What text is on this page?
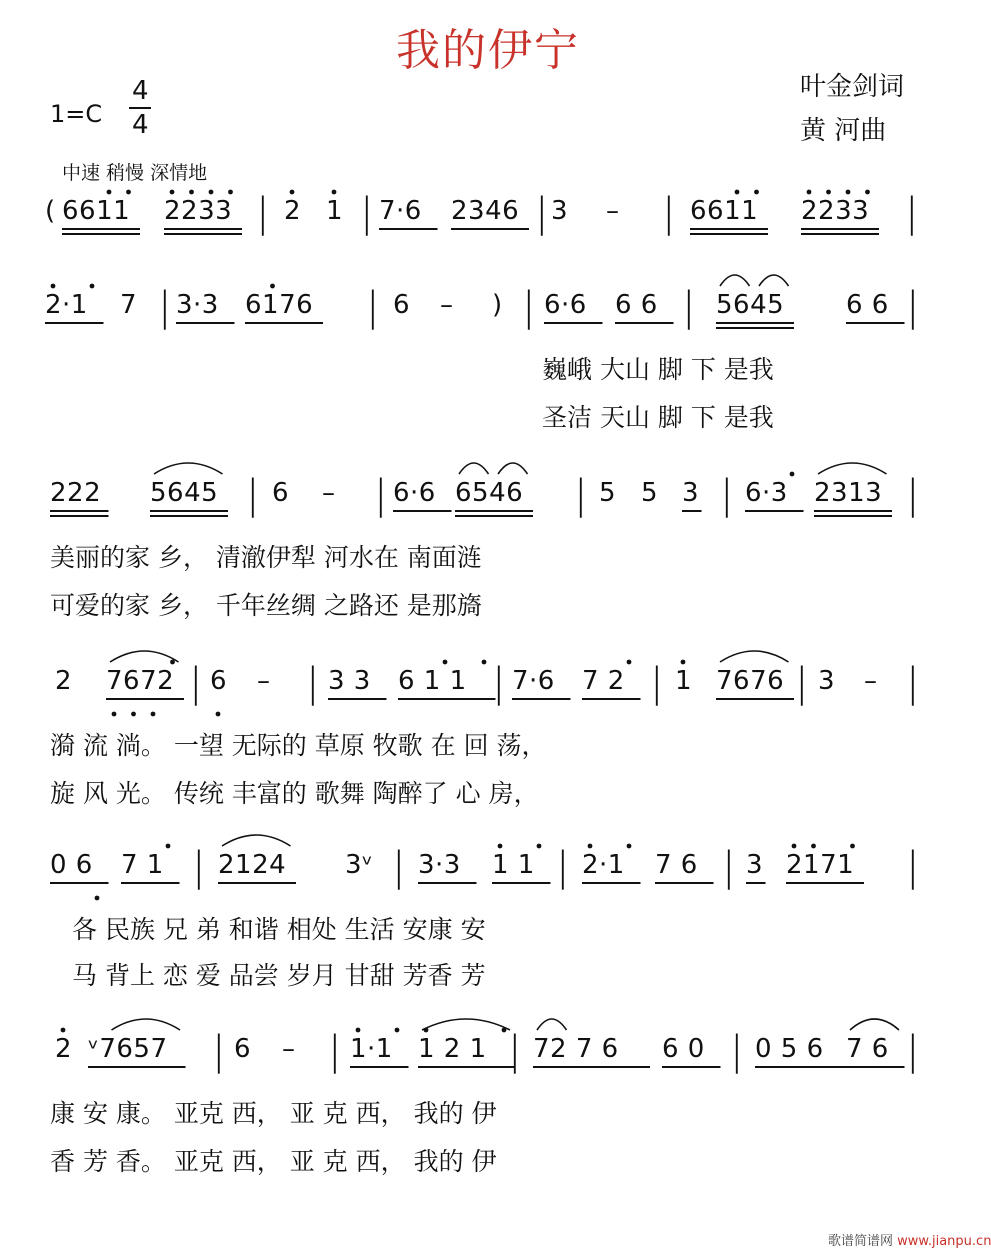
我的伊宁
叶金剑词
黄 河曲
1=C
4
4
中速 稍慢 深情地
( 6611 2233 | 2 1 | 7·6 2346 | 3 – | 6611 2233 |
2·1 7 | 3·3 6176 | 6 – ) | 6·6 6 6 | 5645 6 6 |
巍峨 大山 脚 下 是我
圣洁 天山 脚 下 是我
222 5645 | 6 – | 6·6 6546 | 5 5 3 | 6·3 2313 |
美丽的家 乡， 清澈伊犁 河水在 南面涟
可爱的家 乡， 千年丝绸 之路还 是那旖
2 7672 | 6 – | 3 3 6 1 1 | 7·6 7 2 | 1 7676 | 3 – |
漪 流 淌。 一望 无际的 草原 牧歌 在 回 荡，
旋 风 光。 传统 丰富的 歌舞 陶醉了 心 房，
0 6 7 1 | 2124 3ᵛ | 3·3 1 1 | 2·1 7 6 | 3 2171 |
各 民族 兄 弟 和谐 相处 生活 安康 安
马 背上 恋 爱 品尝 岁月 甘甜 芳香 芳
2 ᵛ7657 | 6 – | 1·1 1 2 1 | 72 7 6 6 0 | 0 5 6 7 6 |
康 安 康。 亚克 西， 亚 克 西， 我的 伊
香 芳 香。 亚克 西， 亚 克 西， 我的 伊
歌谱简谱网 www.jianpu.cn
